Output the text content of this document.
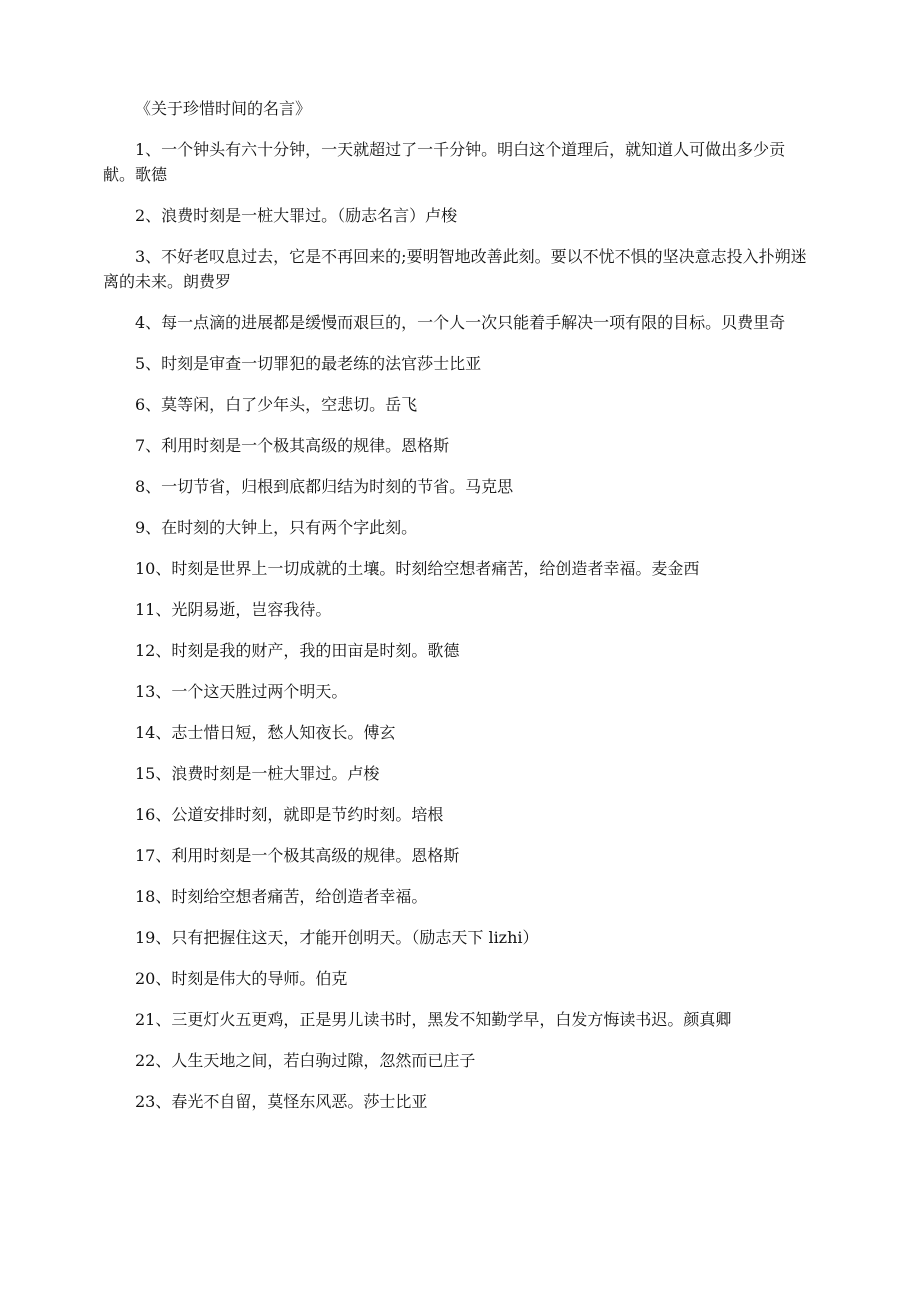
《关于珍惜时间的名言》

1、一个钟头有六十分钟，一天就超过了一千分钟。明白这个道理后，就知道人可做出多少贡献。歌德

2、浪费时刻是一桩大罪过。（励志名言）卢梭

3、不好老叹息过去，它是不再回来的;要明智地改善此刻。要以不忧不惧的坚决意志投入扑朔迷离的未来。朗费罗

4、每一点滴的进展都是缓慢而艰巨的，一个人一次只能着手解决一项有限的目标。贝费里奇

5、时刻是审查一切罪犯的最老练的法官莎士比亚

6、莫等闲，白了少年头，空悲切。岳飞

7、利用时刻是一个极其高级的规律。恩格斯

8、一切节省，归根到底都归结为时刻的节省。马克思

9、在时刻的大钟上，只有两个字此刻。

10、时刻是世界上一切成就的土壤。时刻给空想者痛苦，给创造者幸福。麦金西

11、光阴易逝，岂容我待。

12、时刻是我的财产，我的田亩是时刻。歌德

13、一个这天胜过两个明天。

14、志士惜日短，愁人知夜长。傅玄

15、浪费时刻是一桩大罪过。卢梭

16、公道安排时刻，就即是节约时刻。培根

17、利用时刻是一个极其高级的规律。恩格斯

18、时刻给空想者痛苦，给创造者幸福。

19、只有把握住这天，才能开创明天。（励志天下 lizhi）

20、时刻是伟大的导师。伯克

21、三更灯火五更鸡，正是男儿读书时，黑发不知勤学早，白发方悔读书迟。颜真卿

22、人生天地之间，若白驹过隙，忽然而已庄子

23、春光不自留，莫怪东风恶。莎士比亚
